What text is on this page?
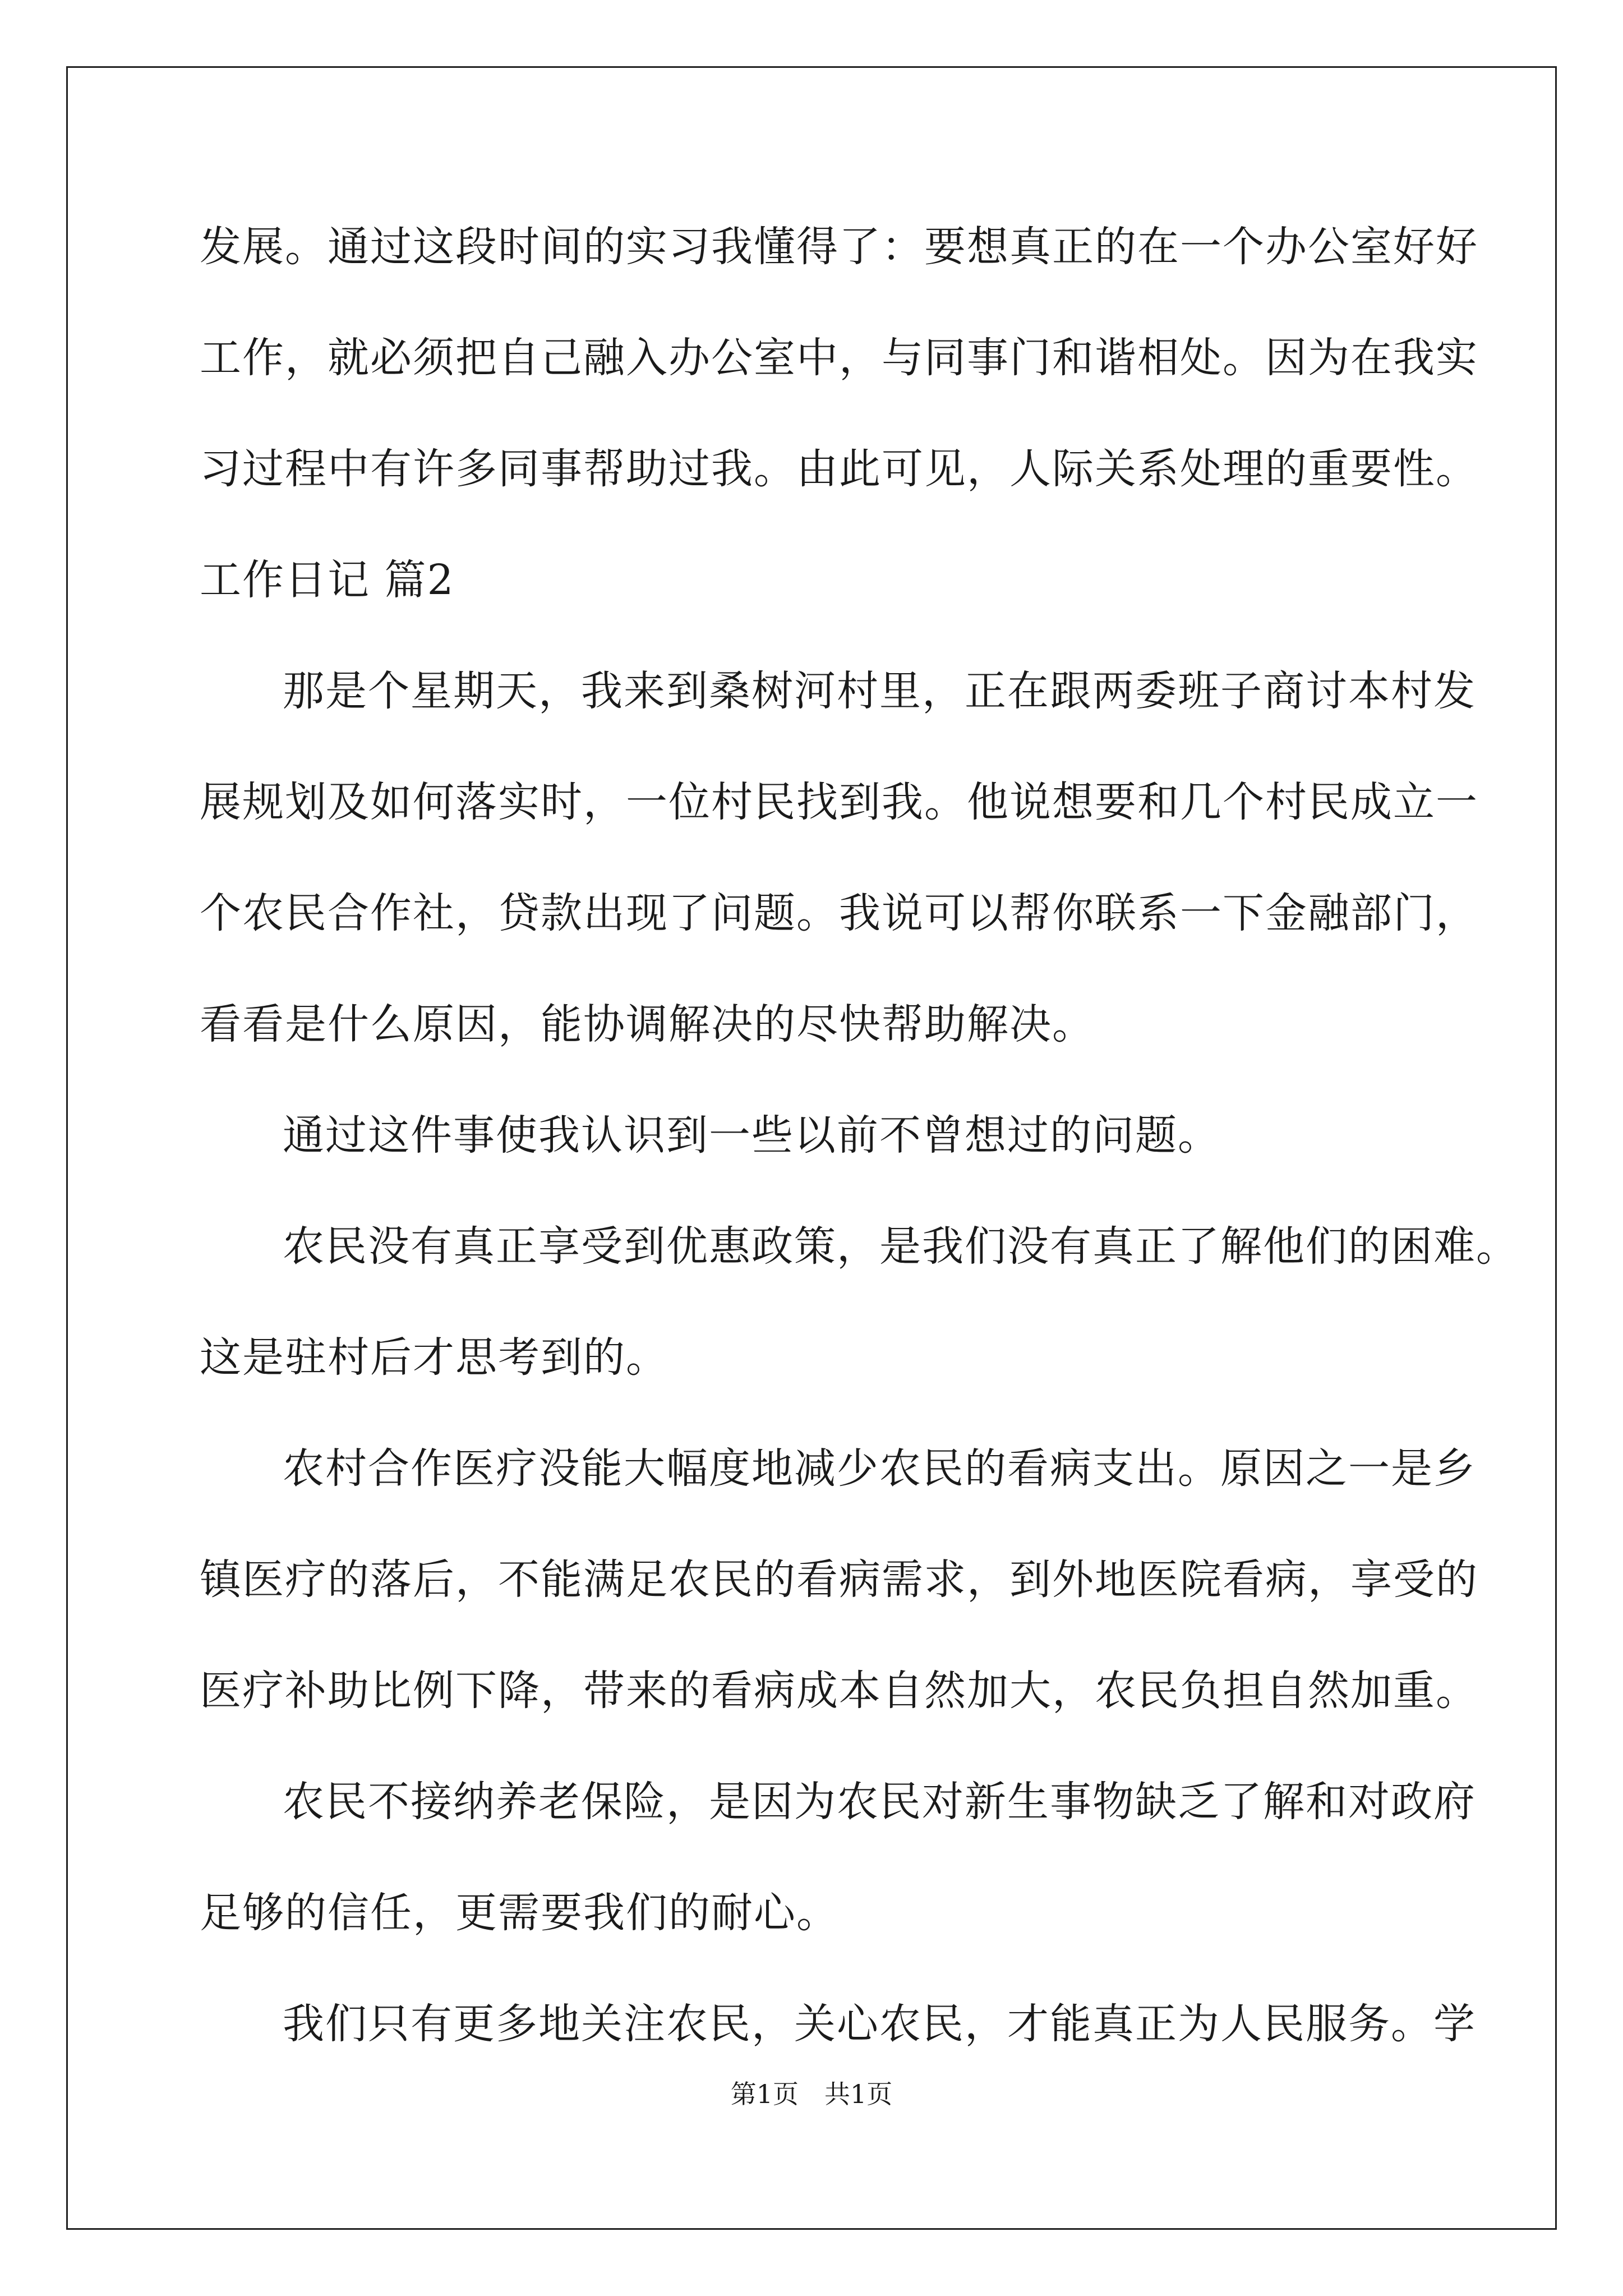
发展。通过这段时间的实习我懂得了：要想真正的在一个办公室好好
工作，就必须把自己融入办公室中，与同事门和谐相处。因为在我实
习过程中有许多同事帮助过我。由此可见，人际关系处理的重要性。
工作日记 篇2
那是个星期天，我来到桑树河村里，正在跟两委班子商讨本村发
展规划及如何落实时，一位村民找到我。他说想要和几个村民成立一
个农民合作社，贷款出现了问题。我说可以帮你联系一下金融部门，
看看是什么原因，能协调解决的尽快帮助解决。
通过这件事使我认识到一些以前不曾想过的问题。
农民没有真正享受到优惠政策，是我们没有真正了解他们的困难。
这是驻村后才思考到的。
农村合作医疗没能大幅度地减少农民的看病支出。原因之一是乡
镇医疗的落后，不能满足农民的看病需求，到外地医院看病，享受的
医疗补助比例下降，带来的看病成本自然加大，农民负担自然加重。
农民不接纳养老保险，是因为农民对新生事物缺乏了解和对政府
足够的信任，更需要我们的耐心。
我们只有更多地关注农民，关心农民，才能真正为人民服务。学
第1页　共1页
